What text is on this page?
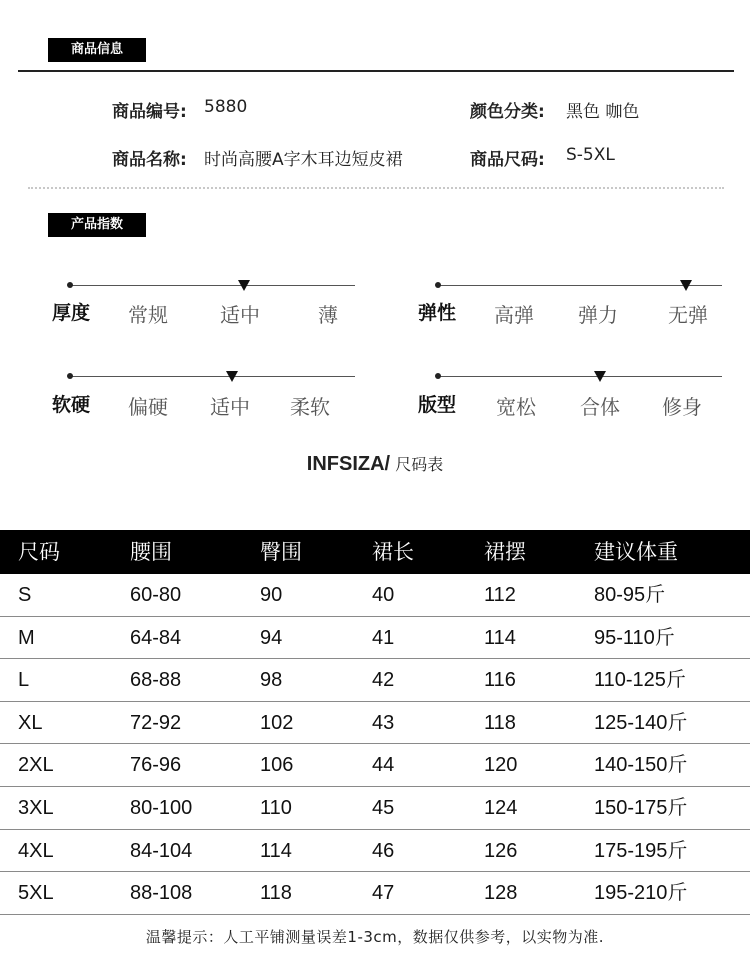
商品信息
商品编号: 5880	颜色分类: 黑色 咖色
商品名称: 时尚高腰A字木耳边短皮裙	商品尺码: S-5XL
产品指数
厚度 常规	适中	薄	弹性 高弹 弹力	无弹
软硬 偏硬 适中 柔软	版型 宽松 合体 修身
INFSIZA/ 尺码表
尺码	腰围	臀围	裙长	裙摆	建议体重
S	60-80	90	40	112	80-95斤
M	64-84	94	41	114	95-110斤
L	68-88	98	42	116	110-125斤
XL	72-92	102	43	118	125-140斤
2XL	76-96	106	44	120	140-150斤
3XL	80-100	110	45	124	150-175斤
4XL	84-104	114	46	126	175-195斤
5XL	88-108	118	47	128	195-210斤
温馨提示：人工平铺测量误差1-3cm，数据仅供参考，以实物为准.
